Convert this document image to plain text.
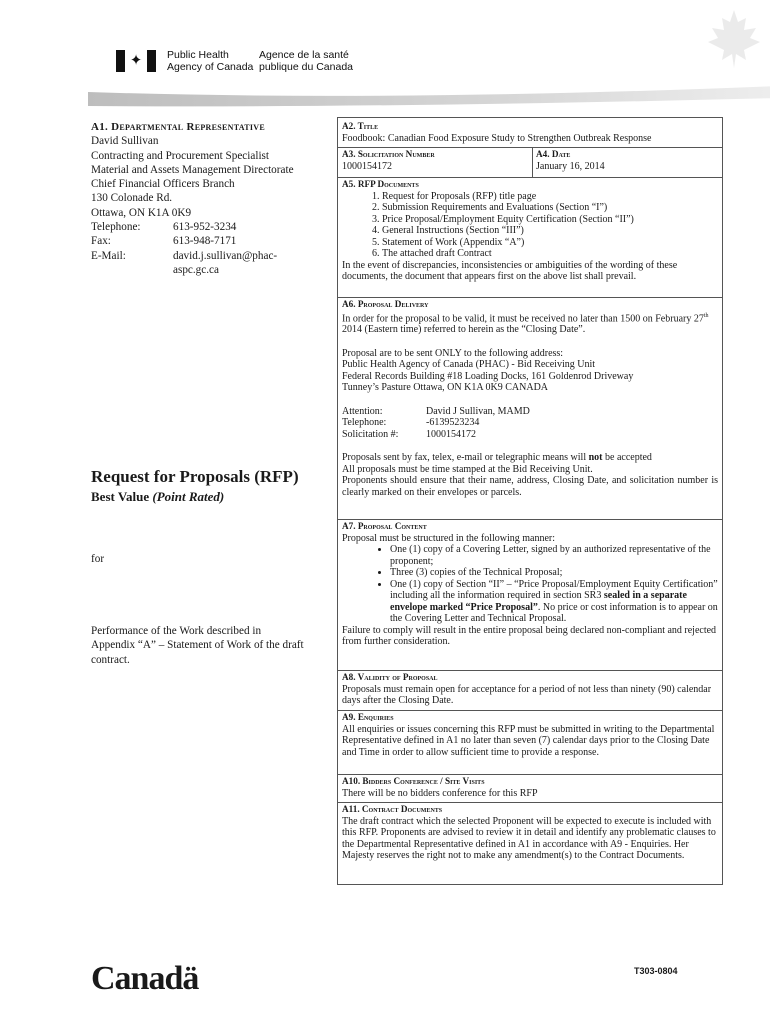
✦ Public Health
Agency of Canada
Agence de la santé
publique du Canada
A1. Departmental Representative
David Sullivan
Contracting and Procurement Specialist
Material and Assets Management Directorate
Chief Financial Officers Branch
130 Colonade Rd.
Ottawa, ON K1A 0K9
Telephone:	613-952-3234
Fax:	613-948-7171
E-Mail:	david.j.sullivan@phac-
aspc.gc.ca
Request for Proposals (RFP)
Best Value (Point Rated)
for
Performance of the Work described in Appendix “A” – Statement of Work of the draft contract.
A2. Title
Foodbook: Canadian Food Exposure Study to Strengthen Outbreak Response
A3. Solicitation Number
1000154172
A4. Date
January 16, 2014
A5. RFP Documents
1. Request for Proposals (RFP) title page
2. Submission Requirements and Evaluations (Section “I”)
3. Price Proposal/Employment Equity Certification (Section “II”)
4. General Instructions (Section “III”)
5. Statement of Work (Appendix “A”)
6. The attached draft Contract
In the event of discrepancies, inconsistencies or ambiguities of the wording of these documents, the document that appears first on the above list shall prevail.
A6. Proposal Delivery
In order for the proposal to be valid, it must be received no later than 1500 on February 27th 2014 (Eastern time) referred to herein as the “Closing Date”.
Proposal are to be sent ONLY to the following address:
Public Health Agency of Canada (PHAC) - Bid Receiving Unit
Federal Records Building #18 Loading Docks, 161 Goldenrod Driveway
Tunney’s Pasture Ottawa, ON K1A 0K9 CANADA
Attention:	David J Sullivan, MAMD
Telephone:	-6139523234
Solicitation #:	1000154172
Proposals sent by fax, telex, e-mail or telegraphic means will not be accepted
All proposals must be time stamped at the Bid Receiving Unit.
Proponents should ensure that their name, address, Closing Date, and solicitation number is clearly marked on their envelopes or parcels.
A7. Proposal Content
Proposal must be structured in the following manner:
• One (1) copy of a Covering Letter, signed by an authorized representative of the proponent;
• Three (3) copies of the Technical Proposal;
• One (1) copy of Section “II” – “Price Proposal/Employment Equity Certification” including all the information required in section SR3 sealed in a separate envelope marked “Price Proposal”. No price or cost information is to appear on the Covering Letter and Technical Proposal.
Failure to comply will result in the entire proposal being declared non-compliant and rejected from further consideration.
A8. Validity of Proposal
Proposals must remain open for acceptance for a period of not less than ninety (90) calendar days after the Closing Date.
A9. Enquiries
All enquiries or issues concerning this RFP must be submitted in writing to the Departmental Representative defined in A1 no later than seven (7) calendar days prior to the Closing Date and Time in order to allow sufficient time to provide a response.
A10. Bidders Conference / Site Visits
There will be no bidders conference for this RFP
A11. Contract Documents
The draft contract which the selected Proponent will be expected to execute is included with this RFP. Proponents are advised to review it in detail and identify any problematic clauses to the Departmental Representative defined in A1 in accordance with A9 - Enquiries. Her Majesty reserves the right not to make any amendment(s) to the Contract Documents.
Canadä	T303-0804
